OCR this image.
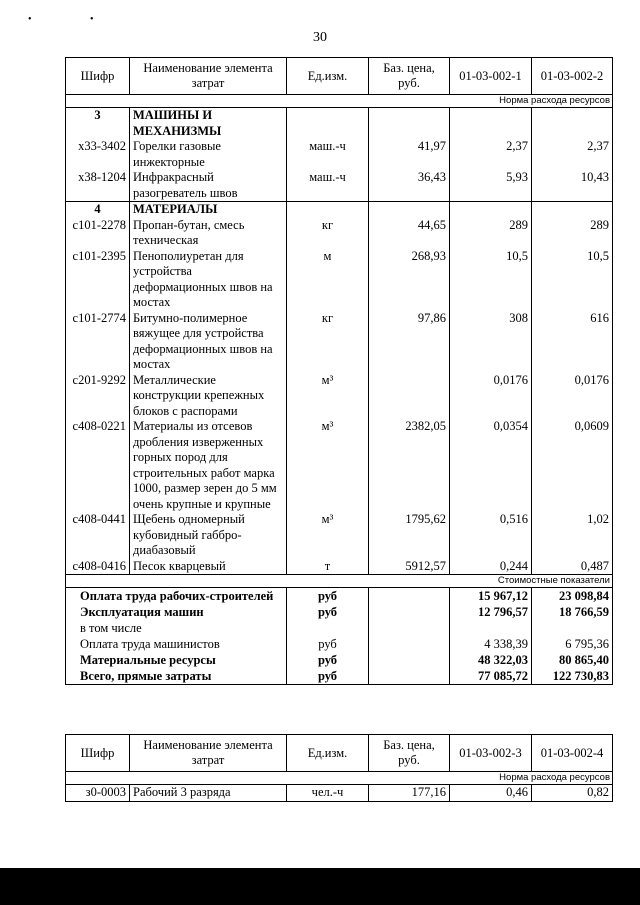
• •
30
Шифр	Наименование элемента затрат	Ед.изм.	Баз. цена, руб.	01-03-002-1	01-03-002-2
Норма расхода ресурсов					
3	МАШИНЫ И МЕХАНИЗМЫ				
х33-3402	Горелки газовые инжекторные	маш.-ч	41,97	2,37	2,37
х38-1204	Инфракрасный разогреватель швов	маш.-ч	36,43	5,93	10,43
4	МАТЕРИАЛЫ				
с101-2278	Пропан-бутан, смесь техническая	кг	44,65	289	289
с101-2395	Пенополиуретан для устройства деформационных швов на мостах	м	268,93	10,5	10,5
с101-2774	Битумно-полимерное вяжущее для устройства деформационных швов на мостах	кг	97,86	308	616
с201-9292	Металлические конструкции крепежных блоков с распорами	м³		0,0176	0,0176
с408-0221	Материалы из отсевов дробления изверженных горных пород для строительных работ марка 1000, размер зерен до 5 мм очень крупные и крупные	м³	2382,05	0,0354	0,0609
с408-0441	Щебень одномерный кубовидный габбро-диабазовый	м³	1795,62	0,516	1,02
с408-0416	Песок кварцевый	т	5912,57	0,244	0,487
Стоимостные показатели					
Оплата труда рабочих-строителей		руб		15 967,12	23 098,84
Эксплуатация машин		руб		12 796,57	18 766,59
в том числе					
Оплата труда машинистов		руб		4 338,39	6 795,36
Материальные ресурсы		руб		48 322,03	80 865,40
Всего, прямые затраты		руб		77 085,72	122 730,83
Шифр	Наименование элемента затрат	Ед.изм.	Баз. цена, руб.	01-03-002-3	01-03-002-4
Норма расхода ресурсов					
з0-0003	Рабочий 3 разряда	чел.-ч	177,16	0,46	0,82
